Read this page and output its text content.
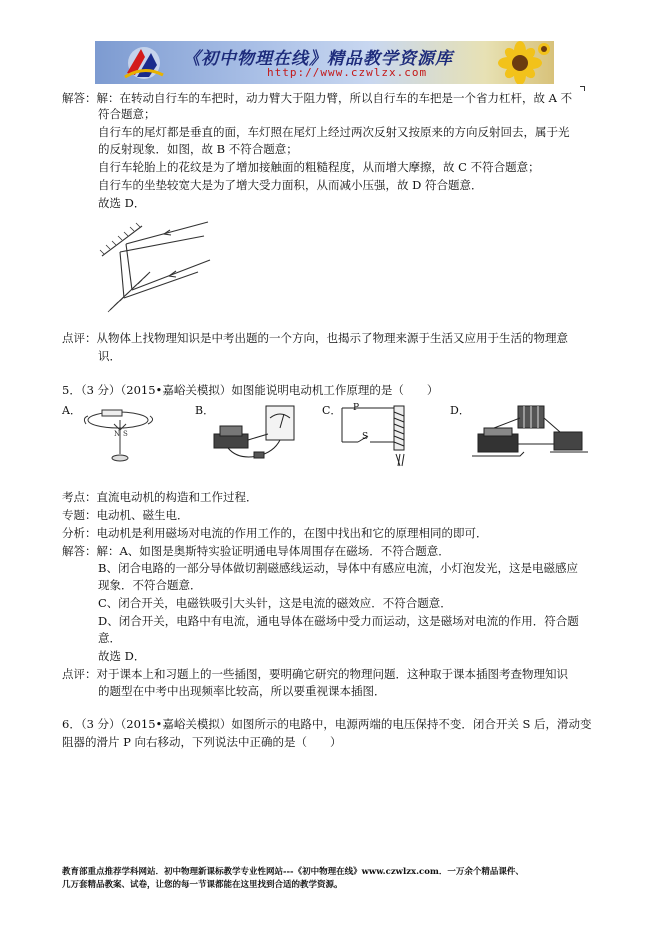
《初中物理在线》精品教学资源库
http://www.czwlzx.com
解答：解：在转动自行车的车把时，动力臂大于阻力臂，所以自行车的车把是一个省力杠杆，故 A 不
符合题意；
自行车的尾灯都是垂直的面，车灯照在尾灯上经过两次反射又按原来的方向反射回去，属于光
的反射现象．如图，故 B 不符合题意；
自行车轮胎上的花纹是为了增加接触面的粗糙程度，从而增大摩擦，故 C 不符合题意；
自行车的坐垫较宽大是为了增大受力面积，从而减小压强，故 D 符合题意．
故选 D．
点评：从物体上找物理知识是中考出题的一个方向，也揭示了物理来源于生活又应用于生活的物理意
识．
5．（3 分）（2015•嘉峪关模拟）如图能说明电动机工作原理的是（　　）
A．
N S
B．	C． P
S
D．
考点：直流电动机的构造和工作过程．
专题：电动机、磁生电．
分析：电动机是利用磁场对电流的作用工作的，在图中找出和它的原理相同的即可．
解答：解：A、如图是奥斯特实验证明通电导体周围存在磁场．不符合题意．
B、闭合电路的一部分导体做切割磁感线运动，导体中有感应电流，小灯泡发光，这是电磁感应
现象．不符合题意．
C、闭合开关，电磁铁吸引大头针，这是电流的磁效应．不符合题意．
D、闭合开关，电路中有电流，通电导体在磁场中受力而运动，这是磁场对电流的作用．符合题
意．
故选 D．
点评：对于课本上和习题上的一些插图，要明确它研究的物理问题．这种取于课本插图考查物理知识
的题型在中考中出现频率比较高，所以要重视课本插图．
6．（3 分）（2015•嘉峪关模拟）如图所示的电路中，电源两端的电压保持不变．闭合开关 S 后，滑动变
阻器的滑片 P 向右移动，下列说法中正确的是（　　）
教育部重点推荐学科网站．初中物理新课标教学专业性网站---《初中物理在线》www.czwlzx.com．一万余个精品课件、
几万套精品教案、试卷，让您的每一节课都能在这里找到合适的教学资源。
